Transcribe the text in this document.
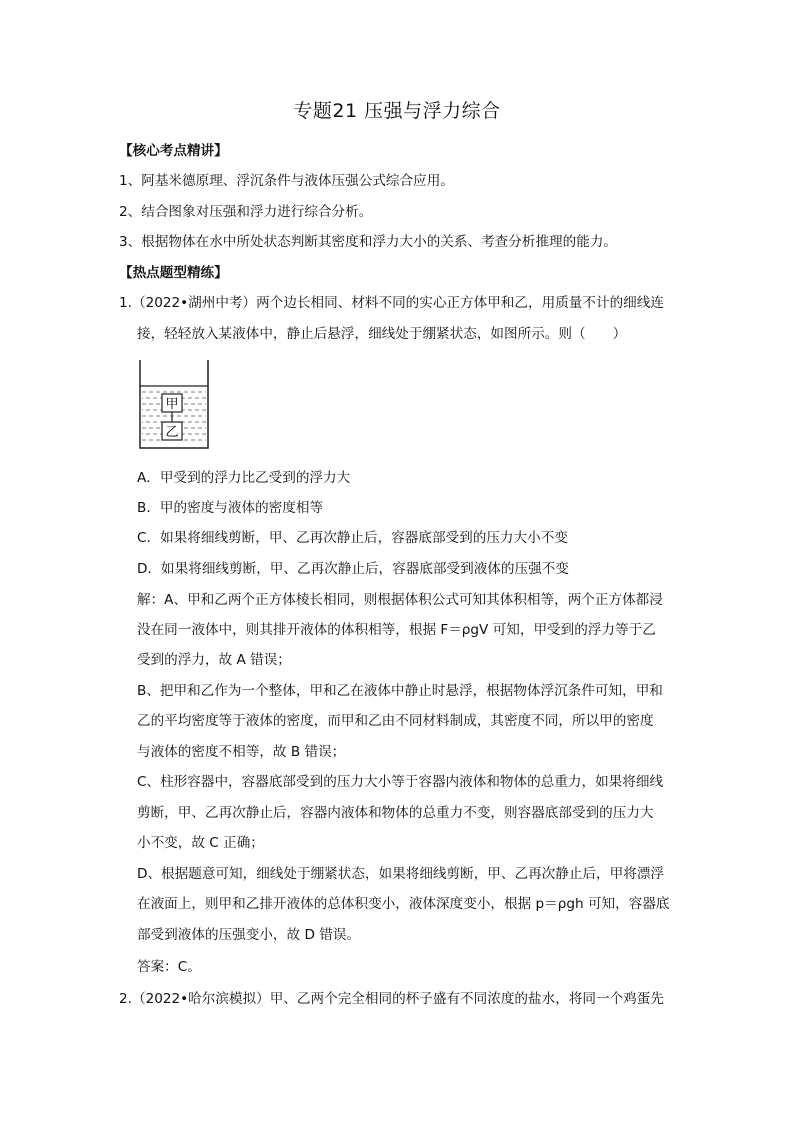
专题21 压强与浮力综合
【核心考点精讲】
1、阿基米德原理、浮沉条件与液体压强公式综合应用。
2、结合图象对压强和浮力进行综合分析。
3、根据物体在水中所处状态判断其密度和浮力大小的关系、考查分析推理的能力。
【热点题型精练】
1.（2022•湖州中考）两个边长相同、材料不同的实心正方体甲和乙，用质量不计的细线连
接，轻轻放入某液体中，静止后悬浮，细线处于绷紧状态，如图所示。则（　　）
甲
乙
A．甲受到的浮力比乙受到的浮力大
B．甲的密度与液体的密度相等
C．如果将细线剪断，甲、乙再次静止后，容器底部受到的压力大小不变
D．如果将细线剪断，甲、乙再次静止后，容器底部受到液体的压强不变
解：A、甲和乙两个正方体棱长相同，则根据体积公式可知其体积相等，两个正方体都浸
没在同一液体中，则其排开液体的体积相等，根据 F＝ρgV 可知，甲受到的浮力等于乙
受到的浮力，故 A 错误；
B、把甲和乙作为一个整体，甲和乙在液体中静止时悬浮，根据物体浮沉条件可知，甲和
乙的平均密度等于液体的密度，而甲和乙由不同材料制成，其密度不同，所以甲的密度
与液体的密度不相等，故 B 错误；
C、柱形容器中，容器底部受到的压力大小等于容器内液体和物体的总重力，如果将细线
剪断，甲、乙再次静止后，容器内液体和物体的总重力不变，则容器底部受到的压力大
小不变，故 C 正确；
D、根据题意可知，细线处于绷紧状态，如果将细线剪断，甲、乙再次静止后，甲将漂浮
在液面上，则甲和乙排开液体的总体积变小，液体深度变小，根据 p＝ρgh 可知，容器底
部受到液体的压强变小，故 D 错误。
答案：C。
2.（2022•哈尔滨模拟）甲、乙两个完全相同的杯子盛有不同浓度的盐水，将同一个鸡蛋先
